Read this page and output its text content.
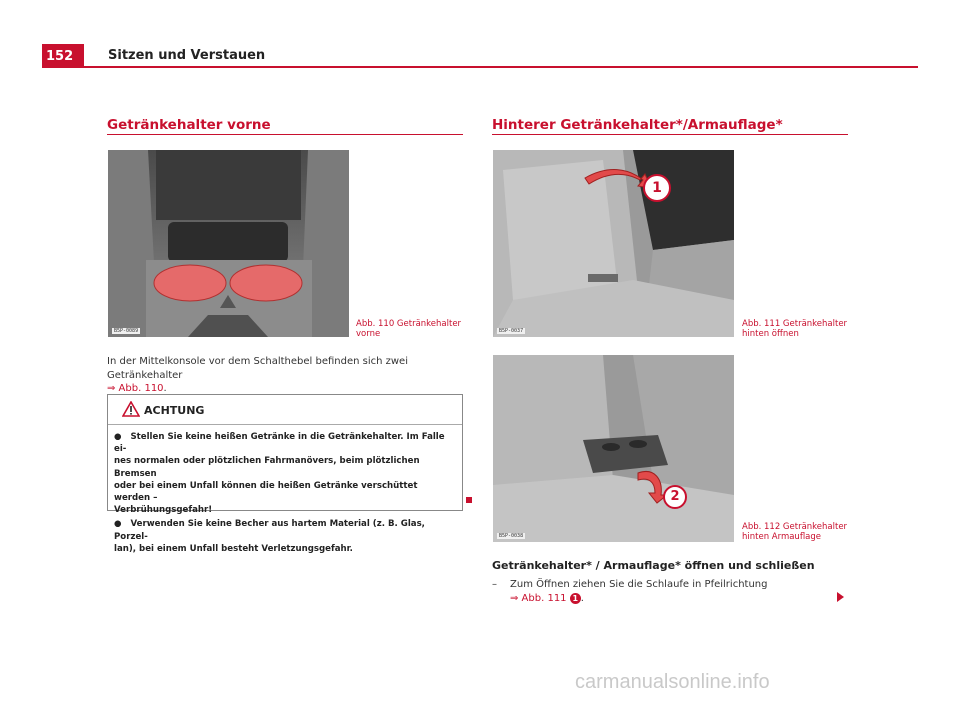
152	Sitzen und Verstauen
Getränkehalter vorne
B5P-0089
Abb. 110 Getränkehalter
vorne
In der Mittelkonsole vor dem Schalthebel befinden sich zwei Getränkehalter
⇒ Abb. 110.
ACHTUNG
● Stellen Sie keine heißen Getränke in die Getränkehalter. Im Falle ei-
nes normalen oder plötzlichen Fahrmanövers, beim plötzlichen Bremsen
oder bei einem Unfall können die heißen Getränke verschüttet werden –
Verbrühungsgefahr!
● Verwenden Sie keine Becher aus hartem Material (z. B. Glas, Porzel-
lan), bei einem Unfall besteht Verletzungsgefahr.
Hinterer Getränkehalter*/Armauflage*
1
B5P-0037
Abb. 111 Getränkehalter
hinten öffnen
2
B5P-0038
Abb. 112 Getränkehalter
hinten Armauflage
Getränkehalter* / Armauflage* öffnen und schließen
– Zum Öffnen ziehen Sie die Schlaufe in Pfeilrichtung
⇒ Abb. 111 1 .
carmanualsonline.info
